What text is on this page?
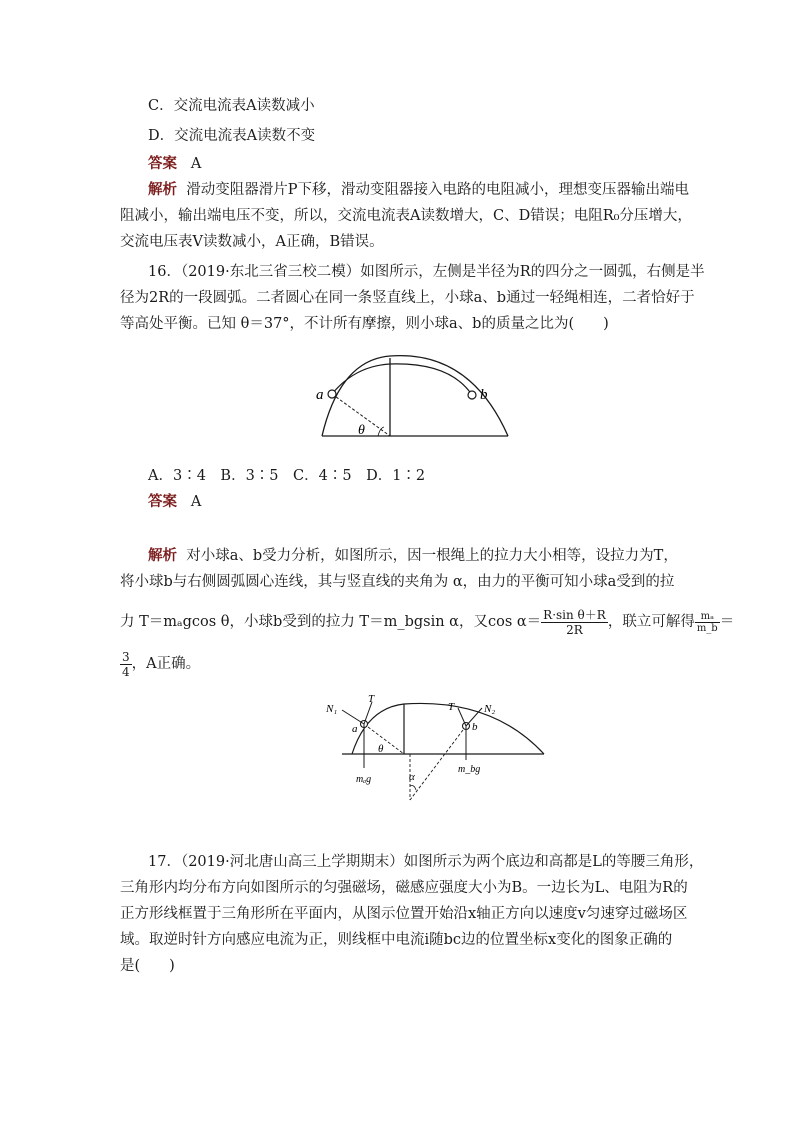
C．交流电流表A读数减小
D．交流电流表A读数不变
答案 A
解析 滑动变阻器滑片P下移，滑动变阻器接入电路的电阻减小，理想变压器输出端电
阻减小，输出端电压不变，所以，交流电流表A读数增大，C、D错误；电阻R₀分压增大，
交流电压表V读数减小，A正确，B错误。
16．（2019·东北三省三校二模）如图所示，左侧是半径为R的四分之一圆弧，右侧是半
径为2R的一段圆弧。二者圆心在同一条竖直线上，小球a、b通过一轻绳相连，二者恰好于
等高处平衡。已知 θ＝37°，不计所有摩擦，则小球a、b的质量之比为(　　)
a	b
θ
A．3∶4　B．3∶5　C．4∶5　D．1∶2
答案 A
解析 对小球a、b受力分析，如图所示，因一根绳上的拉力大小相等，设拉力为T，
将小球b与右侧圆弧圆心连线，其与竖直线的夹角为 α，由力的平衡可知小球a受到的拉
力 T＝mₐgcos θ，小球b受到的拉力 T＝m_bgsin α，又$\cos \alpha= \frac{\text{R·sin θ＋R}}{2R}$ ，联立可解得 $\frac{\text{mₐ}}{m\_b}$ ＝
$\frac{3}{4}$ ，A正确。
N₁
T
a
θ
mₐg
T	N₂
b
m_bg
α
17．（2019·河北唐山高三上学期期末）如图所示为两个底边和高都是L的等腰三角形，
三角形内均分布方向如图所示的匀强磁场，磁感应强度大小为B。一边长为L、电阻为R的
正方形线框置于三角形所在平面内，从图示位置开始沿x轴正方向以速度v匀速穿过磁场区
域。取逆时针方向感应电流为正，则线框中电流i随bc边的位置坐标x变化的图象正确的
是(　　)
